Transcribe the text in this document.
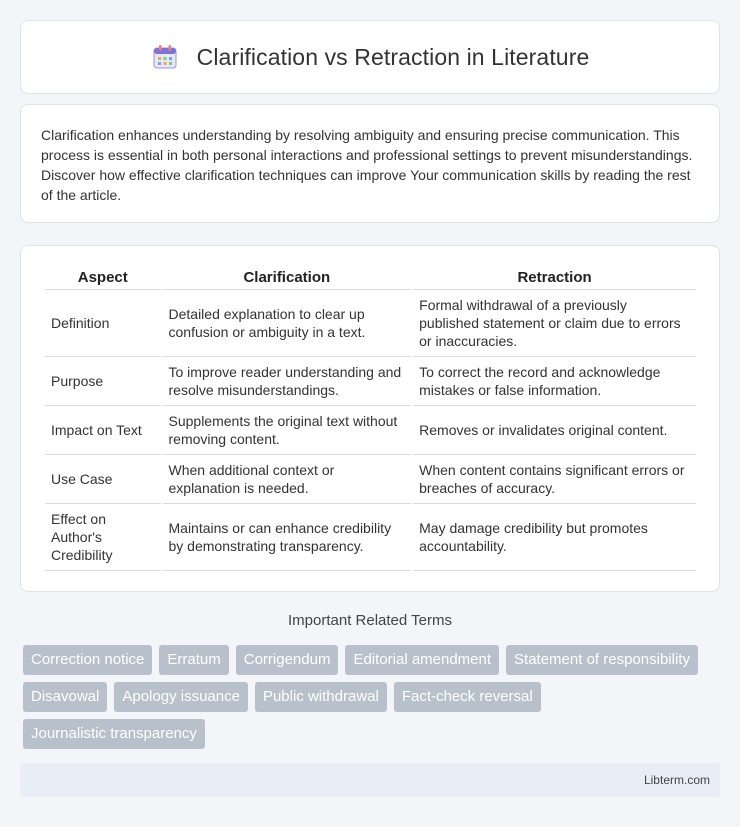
Clarification vs Retraction in Literature

Clarification enhances understanding by resolving ambiguity and ensuring precise communication. This process is essential in both personal interactions and professional settings to prevent misunderstandings. Discover how effective clarification techniques can improve Your communication skills by reading the rest of the article.

Aspect	Clarification	Retraction
Definition	Detailed explanation to clear up confusion or ambiguity in a text.	Formal withdrawal of a previously published statement or claim due to errors or inaccuracies.
Purpose	To improve reader understanding and resolve misunderstandings.	To correct the record and acknowledge mistakes or false information.
Impact on Text	Supplements the original text without removing content.	Removes or invalidates original content.
Use Case	When additional context or explanation is needed.	When content contains significant errors or breaches of accuracy.
Effect on Author's Credibility	Maintains or can enhance credibility by demonstrating transparency.	May damage credibility but promotes accountability.
Important Related Terms
Correction notice	Erratum	Corrigendum	Editorial amendment	Statement of responsibility
Disavowal	Apology issuance	Public withdrawal	Fact-check reversal
Journalistic transparency
Libterm.com
